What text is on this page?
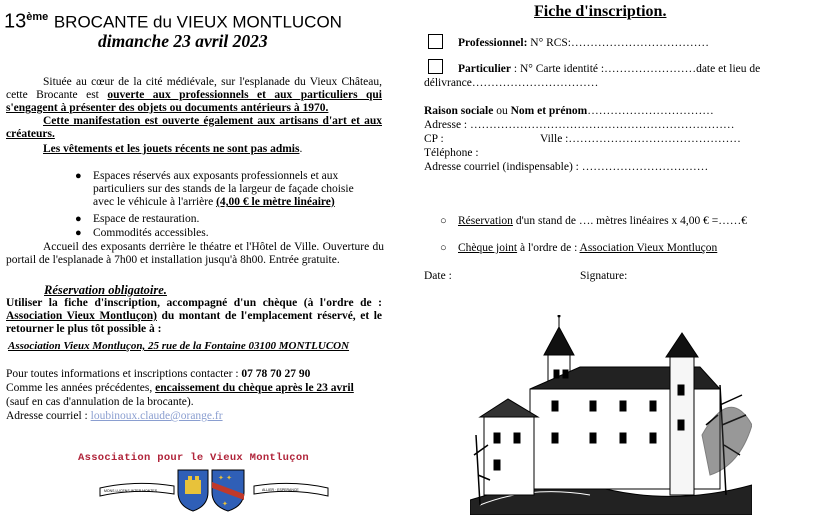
13ème BROCANTE du VIEUX MONTLUCON
dimanche 23 avril 2023
Située au cœur de la cité médiévale, sur l'esplanade du Vieux Château, cette Brocante est ouverte aux professionnels et aux particuliers qui s'engagent à présenter des objets ou documents antérieurs à 1970.
Cette manifestation est ouverte également aux artisans d'art et aux créateurs.
Les vêtements et les jouets récents ne sont pas admis.
● Espaces réservés aux exposants professionnels et aux particuliers sur des stands de la largeur de façade choisie avec le véhicule à l'arrière (4,00 € le mètre linéaire)
● Espace de restauration.
● Commodités accessibles.
Accueil des exposants derrière le théatre et l'Hôtel de Ville. Ouverture du portail de l'esplanade à 7h00 et installation jusqu'à 8h00. Entrée gratuite.
Réservation obligatoire.
Utiliser la fiche d'inscription, accompagné d'un chèque (à l'ordre de : Association Vieux Montluçon) du montant de l'emplacement réservé, et le retourner le plus tôt possible à :
Association Vieux Montluçon, 25 rue de la Fontaine 03100 MONTLUCON
Pour toutes informations et inscriptions contacter : 07 78 70 27 90
Comme les années précédentes, encaissement du chèque après le 23 avril
(sauf en cas d'annulation de la brocante).
Adresse courriel : loubinoux.claude@orange.fr
Association pour le Vieux Montluçon
✦ ✦
✦
MONS LUCENS INTER MONTES	ALLIER · ESPERANCE
Fiche d'inscription.
Professionnel: N° RCS:………………………………
Particulier : N° Carte identité :……………………date et lieu de
délivrance……………………………
Raison sociale ou Nom et prénom……………………………
Adresse : ……………………………………………………………
CP :	Ville :………………………………………
Téléphone :
Adresse courriel (indispensable) : ……………………………
○ Réservation d'un stand de …. mètres linéaires x 4,00 € =……€
○ Chèque joint à l'ordre de : Association Vieux Montluçon
Date :	Signature:
